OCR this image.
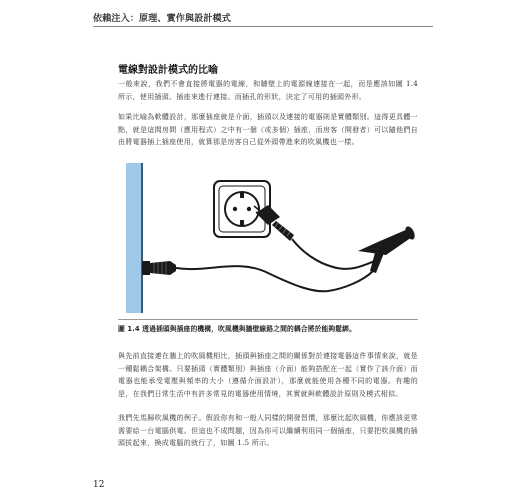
依賴注入：原理、實作與設計模式
電線對設計模式的比喻

一般來說，我們不會直接將電器的電線，和牆壁上的電源線連接在一起，而是應該如圖 1.4 所示，使用插頭、插座來進行連接。而插孔的形狀，決定了可用的插頭外形。

如果比喻為軟體設計，那麼插座就是介面，插頭以及連接的電器則是實體類別。這得更具體一點，就是這間房間（應用程式）之中有一個（或多個）插座，而房客（開發者）可以隨他們自由將電器插上插座使用，就算那是房客自己從外頭帶進來的吹風機也一樣。

圖 1.4 透過插頭與插座的機構，吹風機與牆壁線路之間的耦合將於能夠鬆綁。

與先前直接連在牆上的吹風機相比，插頭與插座之間的關係對於連接電器這件事情來說，就是一種鬆耦合架構。只要插頭（實體類別）與插座（介面）能夠搭配在一起（實作了該介面）而電器也能承受電壓與頻率的大小（遵循介面設計），那麼就能使用各種不同的電器。有趣的是，在我們日常生活中有許多常見的電器使用情境，其實就與軟體設計原則及模式相似。

我們先馬歸吹風機的例子。假設你有和一般人同樣的開發習慣，那麼比起吹風機，你應該更常需要給一台電腦供電。但這也不成問題，因為你可以繼續利用同一個插座，只要把吹風機的插頭拔起來，換成電腦的就行了，如圖 1.5 所示。

12
